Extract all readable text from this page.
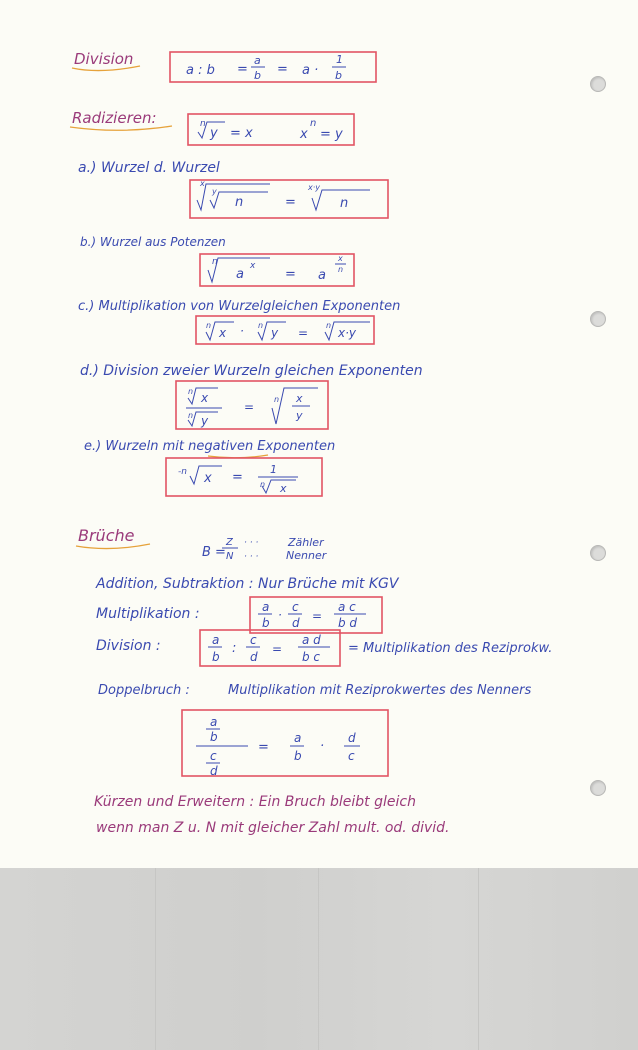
Division
a : b =
a
b = a ·
1
b
Radizieren:	n
y = x	x
n
= y
a.) Wurzel d. Wurzel
x
y
n	=
x·y
n
b.) Wurzel aus Potenzen
n
a
x
= a
x
n
c.) Multiplikation von Wurzelgleichen Exponenten
n
x · n
y =
n
x·y
d.) Division zweier Wurzeln gleichen Exponenten
n x
n y
=
n x
y
e.) Wurzeln mit negativen Exponenten
-n x =
1
n x
Brüche
B =
Z
N
· · ·
· · ·
Zähler
Nenner
Addition, Subtraktion : Nur Brüche mit KGV
Multiplikation :	a
b
·
c
d =
a c
b d
Division :	a
b
:
c
d
=
a d
b c
= Multiplikation des Reziprokw.
Doppelbruch :	Multiplikation mit Reziprokwertes des Nenners
a
b
c
d
=
a
b
·
d
c
Kürzen und Erweitern : Ein Bruch bleibt gleich
wenn man Z u. N mit gleicher Zahl mult. od. divid.
